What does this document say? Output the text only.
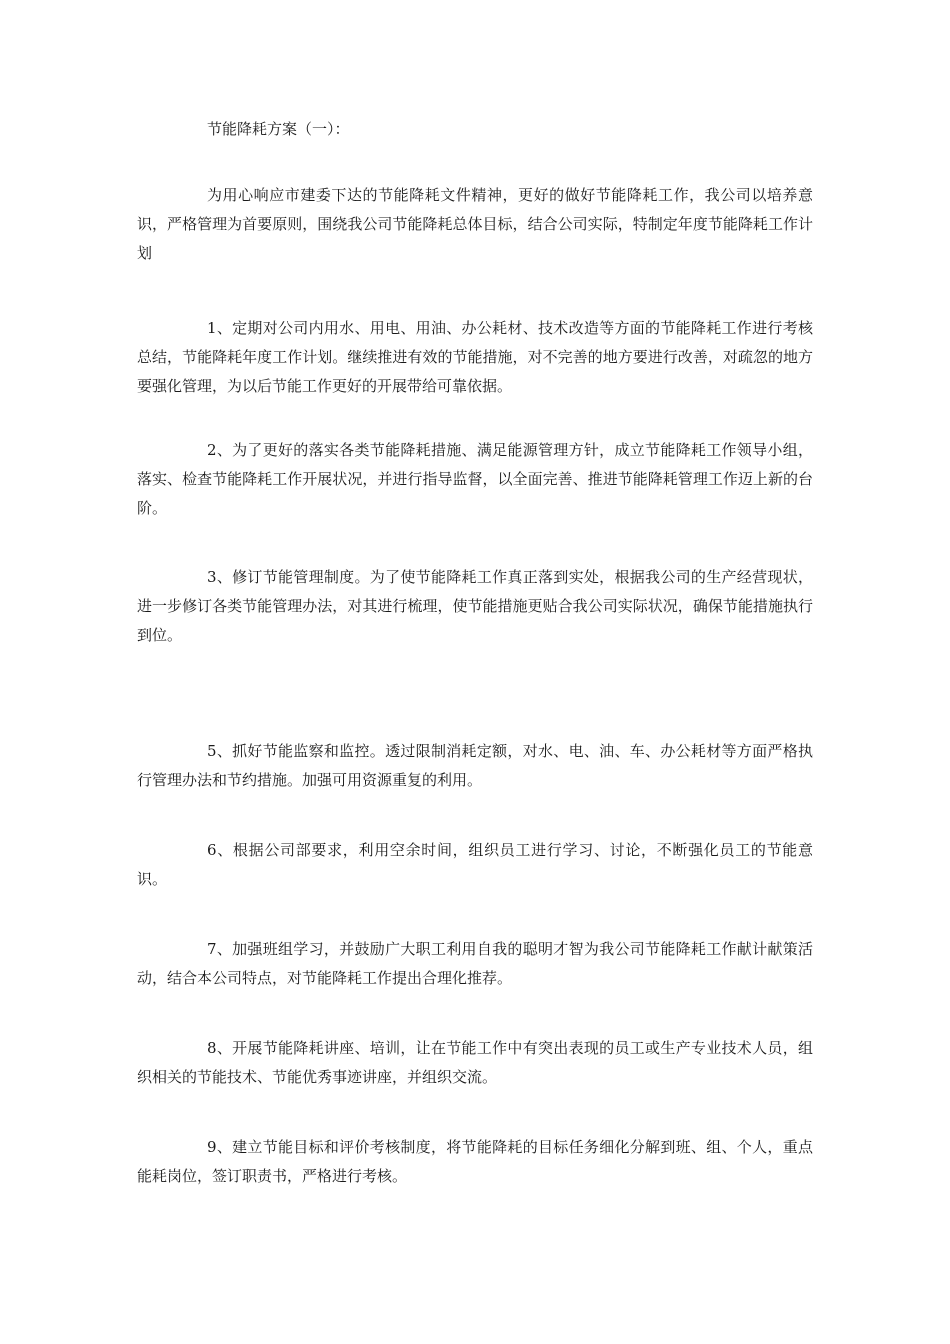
节能降耗方案（一）：

为用心响应市建委下达的节能降耗文件精神，更好的做好节能降耗工作，我公司以培养意识，严格管理为首要原则，围绕我公司节能降耗总体目标，结合公司实际，特制定年度节能降耗工作计划

1、定期对公司内用水、用电、用油、办公耗材、技术改造等方面的节能降耗工作进行考核总结，节能降耗年度工作计划。继续推进有效的节能措施，对不完善的地方要进行改善，对疏忽的地方要强化管理，为以后节能工作更好的开展带给可靠依据。

2、为了更好的落实各类节能降耗措施、满足能源管理方针，成立节能降耗工作领导小组，落实、检查节能降耗工作开展状况，并进行指导监督，以全面完善、推进节能降耗管理工作迈上新的台阶。

3、修订节能管理制度。为了使节能降耗工作真正落到实处，根据我公司的生产经营现状，进一步修订各类节能管理办法，对其进行梳理，使节能措施更贴合我公司实际状况，确保节能措施执行到位。

5、抓好节能监察和监控。透过限制消耗定额，对水、电、油、车、办公耗材等方面严格执行管理办法和节约措施。加强可用资源重复的利用。

6、根据公司部要求，利用空余时间，组织员工进行学习、讨论，不断强化员工的节能意识。

7、加强班组学习，并鼓励广大职工利用自我的聪明才智为我公司节能降耗工作献计献策活动，结合本公司特点，对节能降耗工作提出合理化推荐。

8、开展节能降耗讲座、培训，让在节能工作中有突出表现的员工或生产专业技术人员，组织相关的节能技术、节能优秀事迹讲座，并组织交流。

9、建立节能目标和评价考核制度，将节能降耗的目标任务细化分解到班、组、个人，重点能耗岗位，签订职责书，严格进行考核。
